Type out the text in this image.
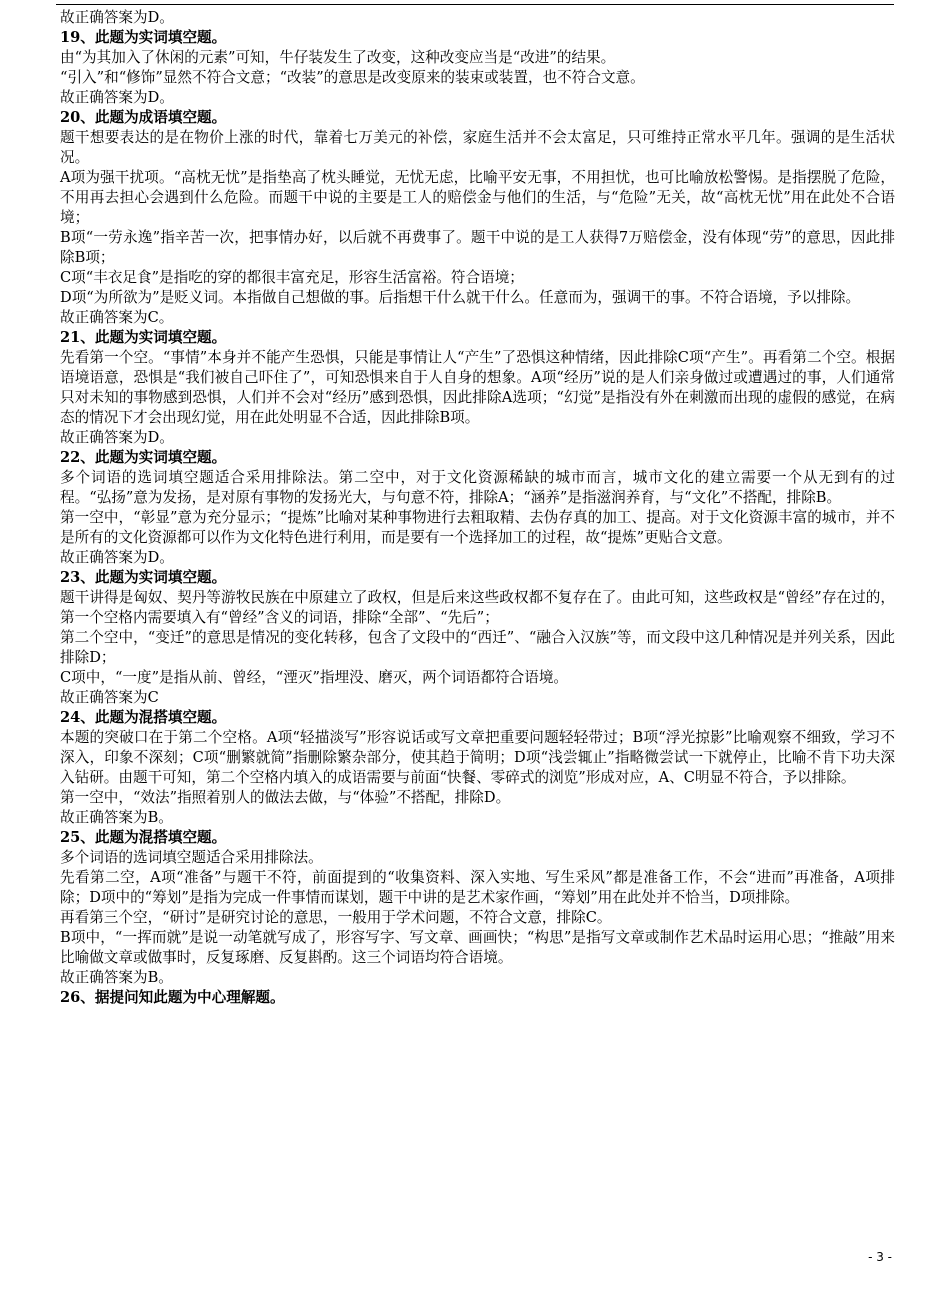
故正确答案为D。

19、此题为实词填空题。

由“为其加入了休闲的元素”可知，牛仔装发生了改变，这种改变应当是“改进”的结果。

“引入”和“修饰”显然不符合文意；“改装”的意思是改变原来的装束或装置，也不符合文意。

故正确答案为D。

20、此题为成语填空题。

题干想要表达的是在物价上涨的时代，靠着七万美元的补偿，家庭生活并不会太富足，只可维持正常水平几年。强调的是生活状况。

A项为强干扰项。“高枕无忧”是指垫高了枕头睡觉，无忧无虑，比喻平安无事，不用担忧，也可比喻放松警惕。是指摆脱了危险，不用再去担心会遇到什么危险。而题干中说的主要是工人的赔偿金与他们的生活，与“危险”无关，故“高枕无忧”用在此处不合语境；

B项“一劳永逸”指辛苦一次，把事情办好，以后就不再费事了。题干中说的是工人获得7万赔偿金，没有体现“劳”的意思，因此排除B项；

C项“丰衣足食”是指吃的穿的都很丰富充足，形容生活富裕。符合语境；

D项“为所欲为”是贬义词。本指做自己想做的事。后指想干什么就干什么。任意而为，强调干的事。不符合语境，予以排除。

故正确答案为C。

21、此题为实词填空题。

先看第一个空。“事情”本身并不能产生恐惧，只能是事情让人“产生”了恐惧这种情绪，因此排除C项“产生”。再看第二个空。根据语境语意，恐惧是“我们被自己吓住了”，可知恐惧来自于人自身的想象。A项“经历”说的是人们亲身做过或遭遇过的事，人们通常只对未知的事物感到恐惧，人们并不会对“经历”感到恐惧，因此排除A选项；“幻觉”是指没有外在刺激而出现的虚假的感觉，在病态的情况下才会出现幻觉，用在此处明显不合适，因此排除B项。

故正确答案为D。

22、此题为实词填空题。

多个词语的选词填空题适合采用排除法。第二空中，对于文化资源稀缺的城市而言，城市文化的建立需要一个从无到有的过程。“弘扬”意为发扬，是对原有事物的发扬光大，与句意不符，排除A；“涵养”是指滋润养育，与“文化”不搭配，排除B。

第一空中，“彰显”意为充分显示；“提炼”比喻对某种事物进行去粗取精、去伪存真的加工、提高。对于文化资源丰富的城市，并不是所有的文化资源都可以作为文化特色进行利用，而是要有一个选择加工的过程，故“提炼”更贴合文意。

故正确答案为D。

23、此题为实词填空题。

题干讲得是匈奴、契丹等游牧民族在中原建立了政权，但是后来这些政权都不复存在了。由此可知，这些政权是“曾经”存在过的，第一个空格内需要填入有“曾经”含义的词语，排除“全部”、“先后”；

第二个空中，“变迁”的意思是情况的变化转移，包含了文段中的“西迁”、“融合入汉族”等，而文段中这几种情况是并列关系，因此排除D；

C项中，“一度”是指从前、曾经，“湮灭”指埋没、磨灭，两个词语都符合语境。

故正确答案为C

24、此题为混搭填空题。

本题的突破口在于第二个空格。A项“轻描淡写”形容说话或写文章把重要问题轻轻带过；B项“浮光掠影”比喻观察不细致，学习不深入，印象不深刻；C项“删繁就简”指删除繁杂部分，使其趋于简明；D项“浅尝辄止”指略微尝试一下就停止，比喻不肯下功夫深入钻研。由题干可知，第二个空格内填入的成语需要与前面“快餐、零碎式的浏览”形成对应，A、C明显不符合，予以排除。

第一空中，“效法”指照着别人的做法去做，与“体验”不搭配，排除D。

故正确答案为B。

25、此题为混搭填空题。

多个词语的选词填空题适合采用排除法。

先看第二空，A项“准备”与题干不符，前面提到的“收集资料、深入实地、写生采风”都是准备工作，不会“进而”再准备，A项排除；D项中的“筹划”是指为完成一件事情而谋划，题干中讲的是艺术家作画，“筹划”用在此处并不恰当，D项排除。

再看第三个空，“研讨”是研究讨论的意思，一般用于学术问题，不符合文意，排除C。

B项中，“一挥而就”是说一动笔就写成了，形容写字、写文章、画画快；“构思”是指写文章或制作艺术品时运用心思；“推敲”用来比喻做文章或做事时，反复琢磨、反复斟酌。这三个词语均符合语境。

故正确答案为B。

26、据提问知此题为中心理解题。

- 3 -
